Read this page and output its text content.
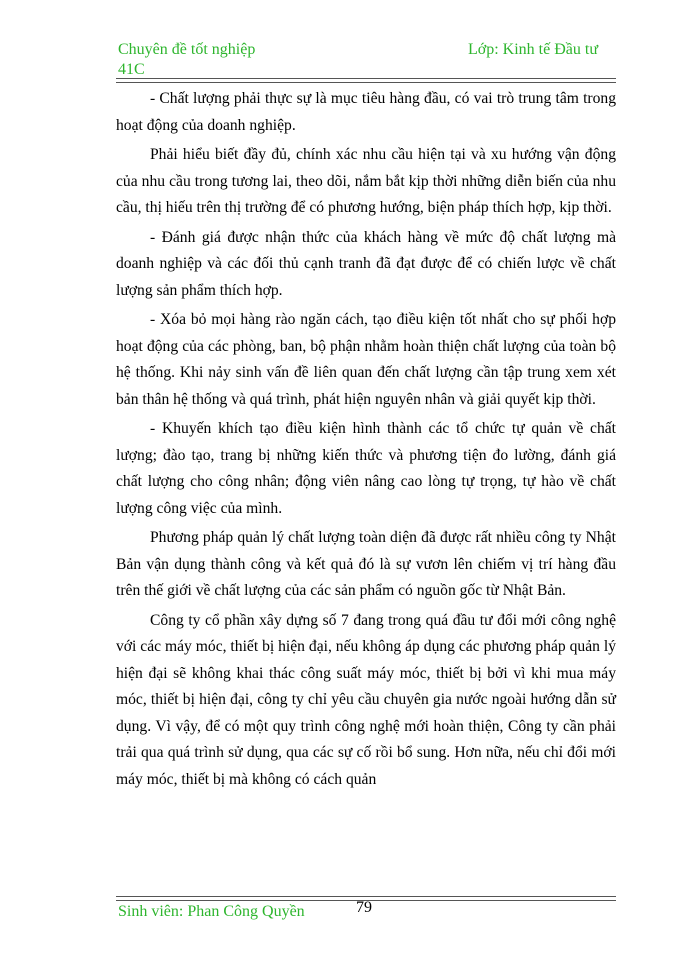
Chuyên đề tốt nghiệp
41C
Lớp: Kinh tế Đầu tư

- Chất lượng phải thực sự là mục tiêu hàng đầu, có vai trò trung tâm trong hoạt động của doanh nghiệp.

Phải hiểu biết đầy đủ, chính xác nhu cầu hiện tại và xu hướng vận động của nhu cầu trong tương lai, theo dõi, nắm bắt kịp thời những diễn biến của nhu cầu, thị hiếu trên thị trường để có phương hướng, biện pháp thích hợp, kịp thời.

- Đánh giá được nhận thức của khách hàng về mức độ chất lượng mà doanh nghiệp và các đối thủ cạnh tranh đã đạt được để có chiến lược về chất lượng sản phẩm thích hợp.

- Xóa bỏ mọi hàng rào ngăn cách, tạo điều kiện tốt nhất cho sự phối hợp hoạt động của các phòng, ban, bộ phận nhằm hoàn thiện chất lượng của toàn bộ hệ thống. Khi nảy sinh vấn đề liên quan đến chất lượng cần tập trung xem xét bản thân hệ thống và quá trình, phát hiện nguyên nhân và giải quyết kịp thời.

- Khuyến khích tạo điều kiện hình thành các tổ chức tự quản về chất lượng; đào tạo, trang bị những kiến thức và phương tiện đo lường, đánh giá chất lượng cho công nhân; động viên nâng cao lòng tự trọng, tự hào về chất lượng công việc của mình.

Phương pháp quản lý chất lượng toàn diện đã được rất nhiều công ty Nhật Bản vận dụng thành công và kết quả đó là sự vươn lên chiếm vị trí hàng đầu trên thế giới về chất lượng của các sản phẩm có nguồn gốc từ Nhật Bản.

Công ty cổ phần xây dựng số 7 đang trong quá đầu tư đổi mới công nghệ với các máy móc, thiết bị hiện đại, nếu không áp dụng các phương pháp quản lý hiện đại sẽ không khai thác công suất máy móc, thiết bị bởi vì khi mua máy móc, thiết bị hiện đại, công ty chỉ yêu cầu chuyên gia nước ngoài hướng dẫn sử dụng. Vì vậy, để có một quy trình công nghệ mới hoàn thiện, Công ty cần phải trải qua quá trình sử dụng, qua các sự cố rồi bổ sung. Hơn nữa, nếu chỉ đổi mới máy móc, thiết bị mà không có cách quản

Sinh viên: Phan Công Quyền	79
